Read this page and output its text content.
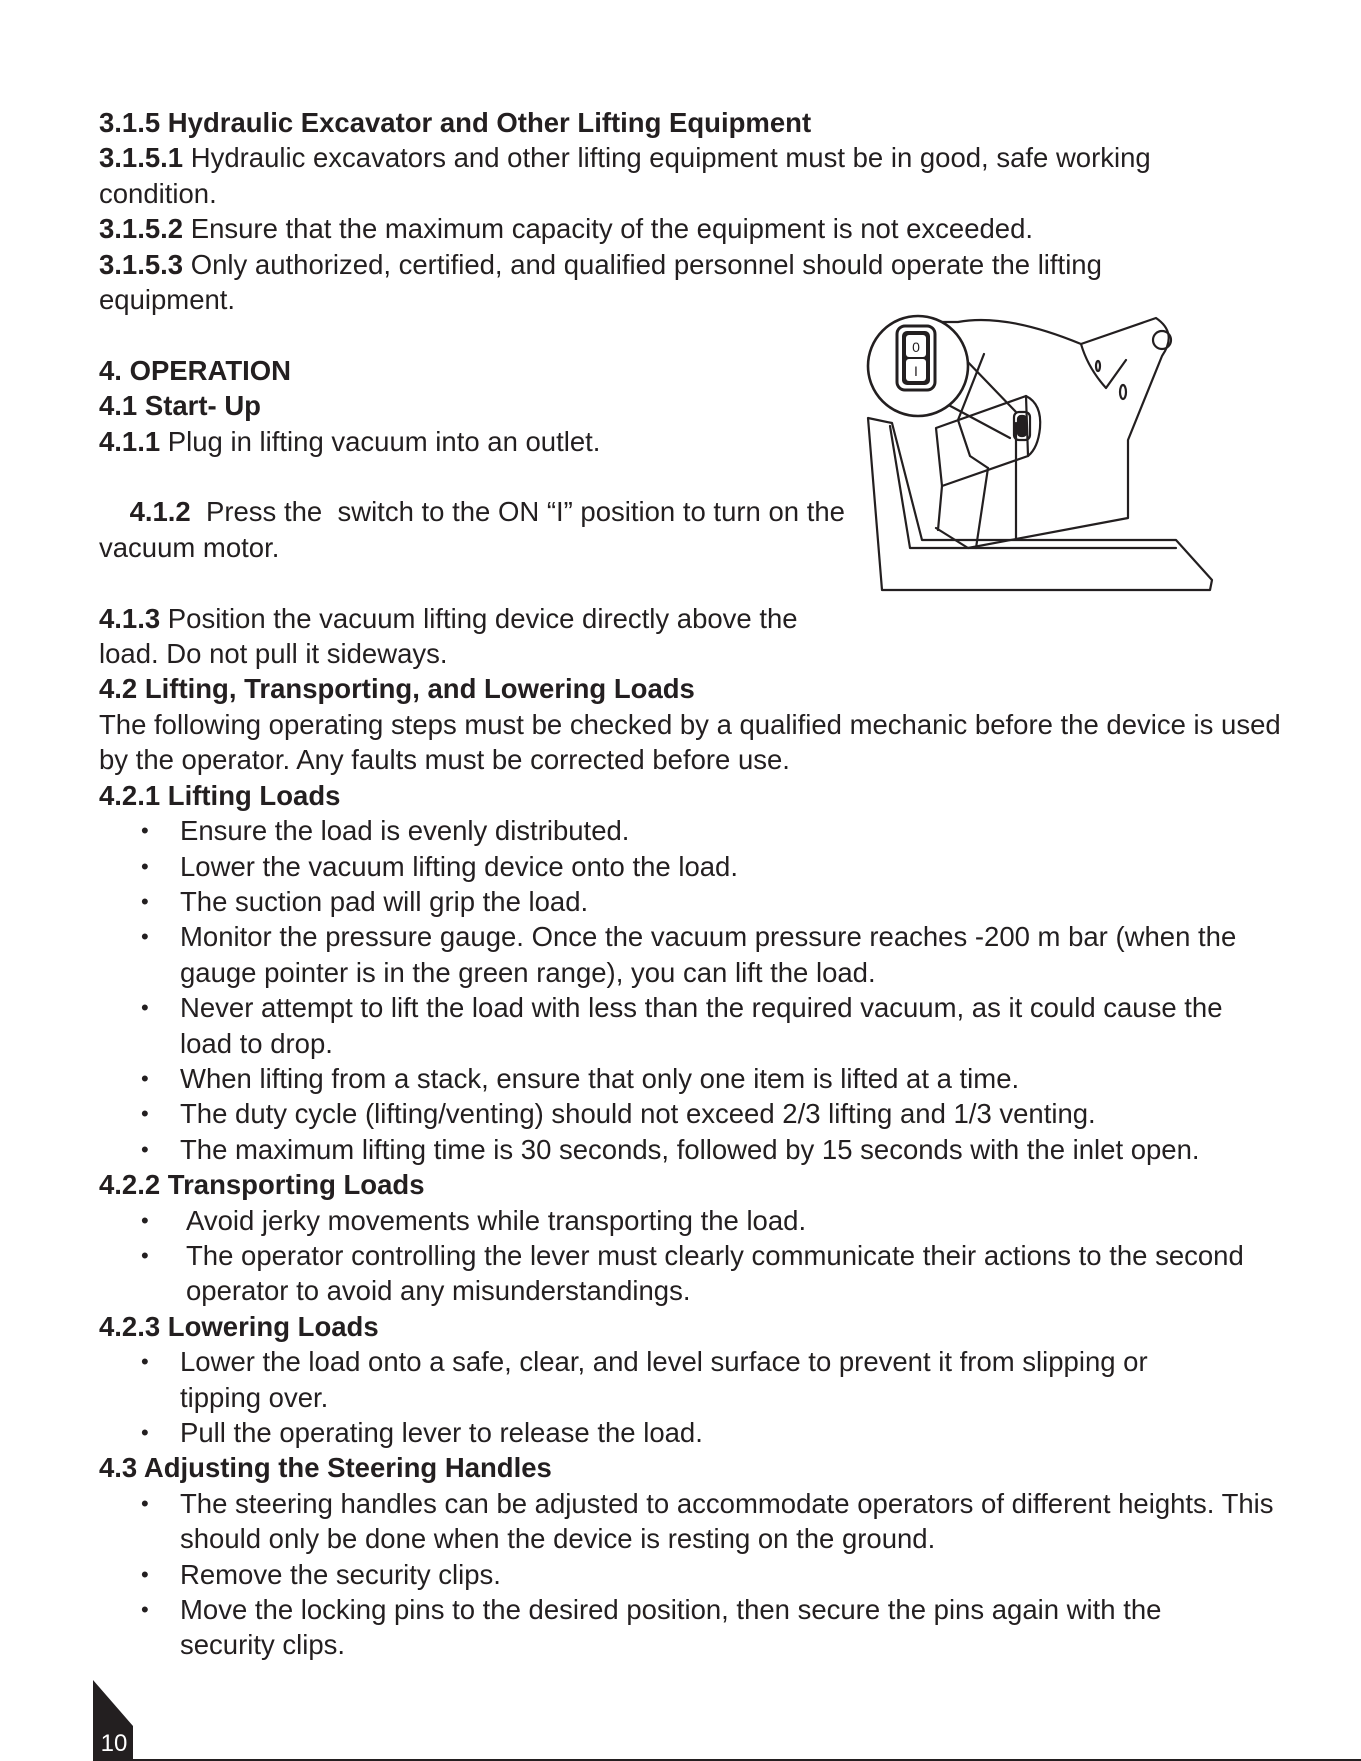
3.1.5 Hydraulic Excavator and Other Lifting Equipment

3.1.5.1 Hydraulic excavators and other lifting equipment must be in good, safe working condition.

3.1.5.2 Ensure that the maximum capacity of the equipment is not exceeded.

3.1.5.3 Only authorized, certified, and qualified personnel should operate the lifting equipment.

4. OPERATION

4.1 Start- Up

4.1.1 Plug in lifting vacuum into an outlet.

4.1.2  Press the  switch to the ON “I” position to turn on the vacuum motor.

4.1.3 Position the vacuum lifting device directly above the load. Do not pull it sideways.

4.2 Lifting, Transporting, and Lowering Loads

The following operating steps must be checked by a qualified mechanic before the device is used by the operator. Any faults must be corrected before use.

4.2.1 Lifting Loads

• Ensure the load is evenly distributed.
• Lower the vacuum lifting device onto the load.
• The suction pad will grip the load.
• Monitor the pressure gauge. Once the vacuum pressure reaches -200 m bar (when the gauge pointer is in the green range), you can lift the load.
• Never attempt to lift the load with less than the required vacuum, as it could cause the load to drop.
• When lifting from a stack, ensure that only one item is lifted at a time.
• The duty cycle (lifting/venting) should not exceed 2/3 lifting and 1/3 venting.
• The maximum lifting time is 30 seconds, followed by 15 seconds with the inlet open.

4.2.2 Transporting Loads

• Avoid jerky movements while transporting the load.
• The operator controlling the lever must clearly communicate their actions to the second operator to avoid any misunderstandings.

4.2.3 Lowering Loads

• Lower the load onto a safe, clear, and level surface to prevent it from slipping or tipping over.
• Pull the operating lever to release the load.

4.3 Adjusting the Steering Handles

• The steering handles can be adjusted to accommodate operators of different heights. This should only be done when the device is resting on the ground.
• Remove the security clips.
• Move the locking pins to the desired position, then secure the pins again with the security clips.
0
I
10
